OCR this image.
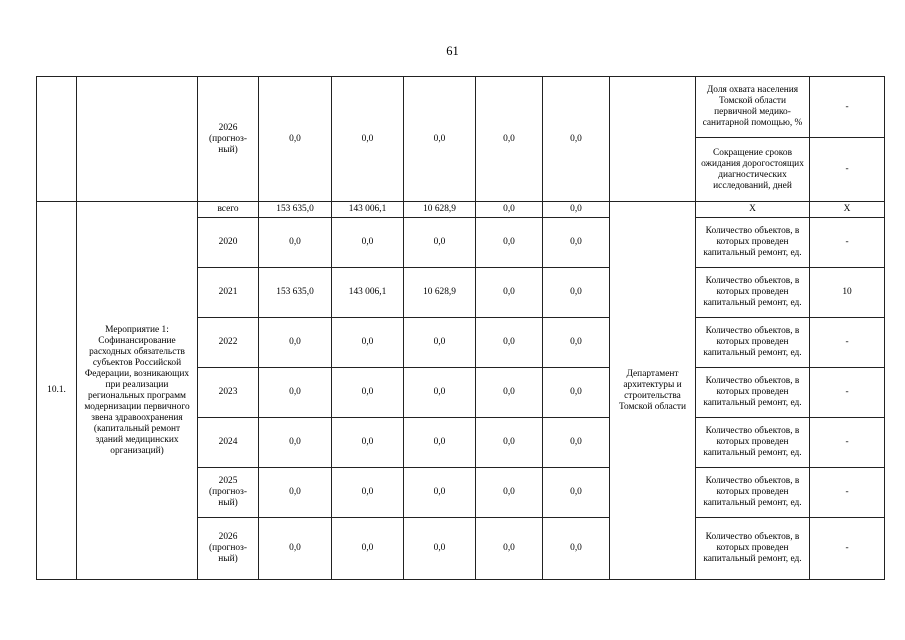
61
		2026
(прогноз-
ный)	0,0	0,0	0,0	0,0	0,0		Доля охвата населения Томской области первичной медико-санитарной помощью, %	-
									Сокращение сроков ожидания дорогостоящих диагностических исследований, дней	-
10.1.	Мероприятие 1: Софинансирование расходных обязательств субъектов Российской Федерации, возникающих при реализации региональных программ модернизации первичного звена здравоохранения (капитальный ремонт зданий медицинских организаций)	всего	153 635,0	143 006,1	10 628,9	0,0	0,0	Департамент архитектуры и строительства Томской области	Х	Х
		2020	0,0	0,0	0,0	0,0	0,0		Количество объектов, в которых проведен капитальный ремонт, ед.	-
		2021	153 635,0	143 006,1	10 628,9	0,0	0,0		Количество объектов, в которых проведен капитальный ремонт, ед.	10
		2022	0,0	0,0	0,0	0,0	0,0		Количество объектов, в которых проведен капитальный ремонт, ед.	-
		2023	0,0	0,0	0,0	0,0	0,0		Количество объектов, в которых проведен капитальный ремонт, ед.	-
		2024	0,0	0,0	0,0	0,0	0,0		Количество объектов, в которых проведен капитальный ремонт, ед.	-
		2025
(прогноз-
ный)	0,0	0,0	0,0	0,0	0,0		Количество объектов, в которых проведен капитальный ремонт, ед.	-
		2026
(прогноз-
ный)	0,0	0,0	0,0	0,0	0,0		Количество объектов, в которых проведен капитальный ремонт, ед.	-
